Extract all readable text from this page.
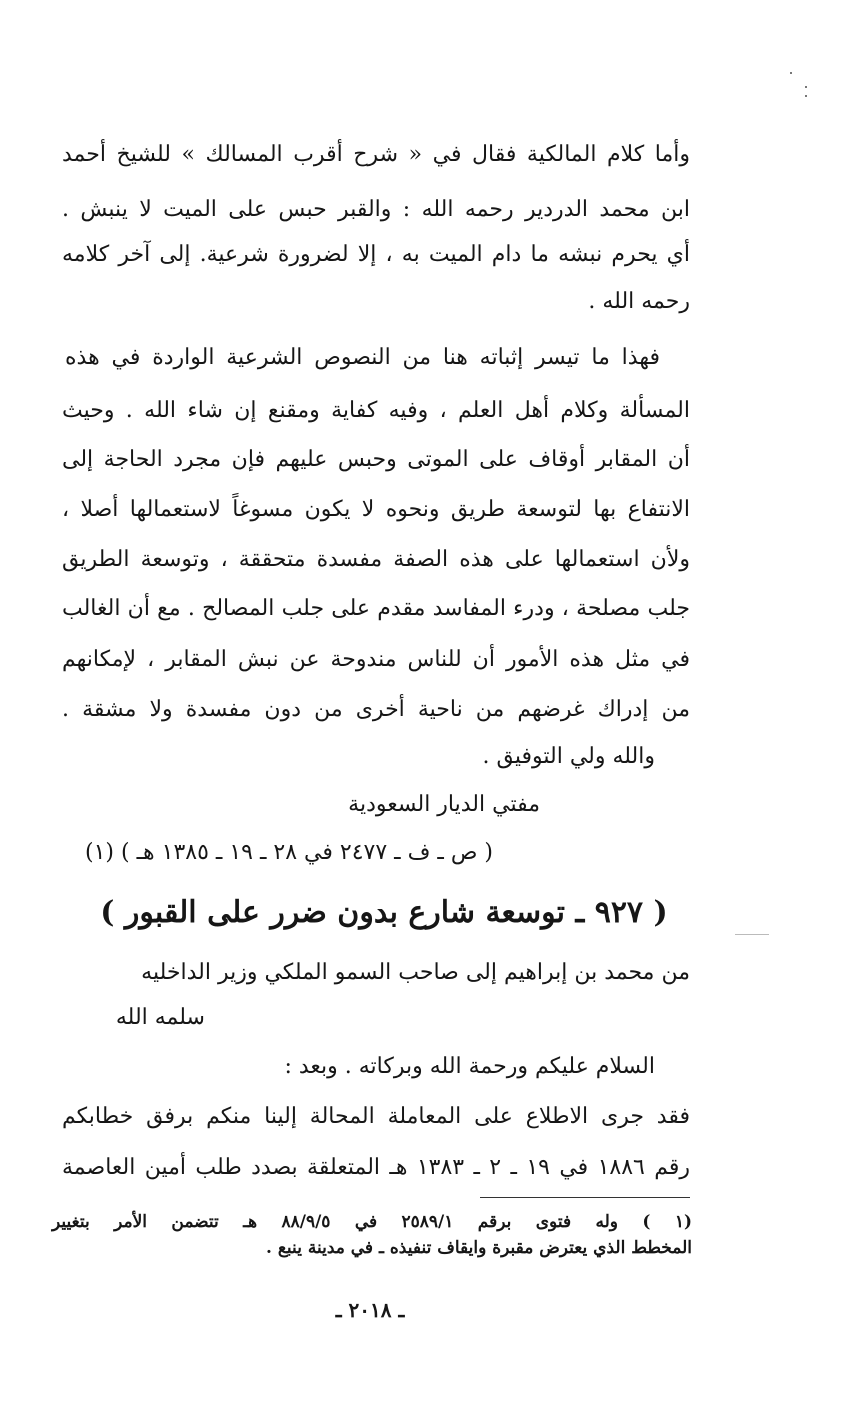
وأما كلام المالكية فقال في « شرح أقرب المسالك » للشيخ أحمد
ابن محمد الدردير رحمه الله : والقبر حبس على الميت لا ينبش .
أي يحرم نبشه ما دام الميت به ، إلا لضرورة شرعية. إلى آخر كلامه
رحمه الله .
فهذا ما تيسر إثباته هنا من النصوص الشرعية الواردة في هذه
المسألة وكلام أهل العلم ، وفيه كفاية ومقنع إن شاء الله . وحيث
أن المقابر أوقاف على الموتى وحبس عليهم فإن مجرد الحاجة إلى
الانتفاع بها لتوسعة طريق ونحوه لا يكون مسوغاً لاستعمالها أصلا ،
ولأن استعمالها على هذه الصفة مفسدة متحققة ، وتوسعة الطريق
جلب مصلحة ، ودرء المفاسد مقدم على جلب المصالح . مع أن الغالب
في مثل هذه الأمور أن للناس مندوحة عن نبش المقابر ، لإمكانهم
من إدراك غرضهم من ناحية أخرى من دون مفسدة ولا مشقة .
والله ولي التوفيق .
مفتي الديار السعودية
( ص ـ ف ـ ٢٤٧٧ في ٢٨ ـ ١٩ ـ ١٣٨٥ هـ ) (١)
( ٩٢٧ ـ توسعة شارع بدون ضرر على القبور )
من محمد بن إبراهيم إلى صاحب السمو الملكي وزير الداخليه
سلمه الله
السلام عليكم ورحمة الله وبركاته . وبعد :
فقد جرى الاطلاع على المعاملة المحالة إلينا منكم برفق خطابكم
رقم ١٨٨٦ في ١٩ ـ ٢ ـ ١٣٨٣ هـ المتعلقة بصدد طلب أمين العاصمة
(١ ) وله فتوى برقم ٢٥٨٩/١ في ٨٨/٩/٥ هـ تتضمن الأمر بتغيير
المخطط الذي يعترض مقبرة وايقاف تنفيذه ـ في مدينة ينبع .
ـ ٢٠١٨ ـ
